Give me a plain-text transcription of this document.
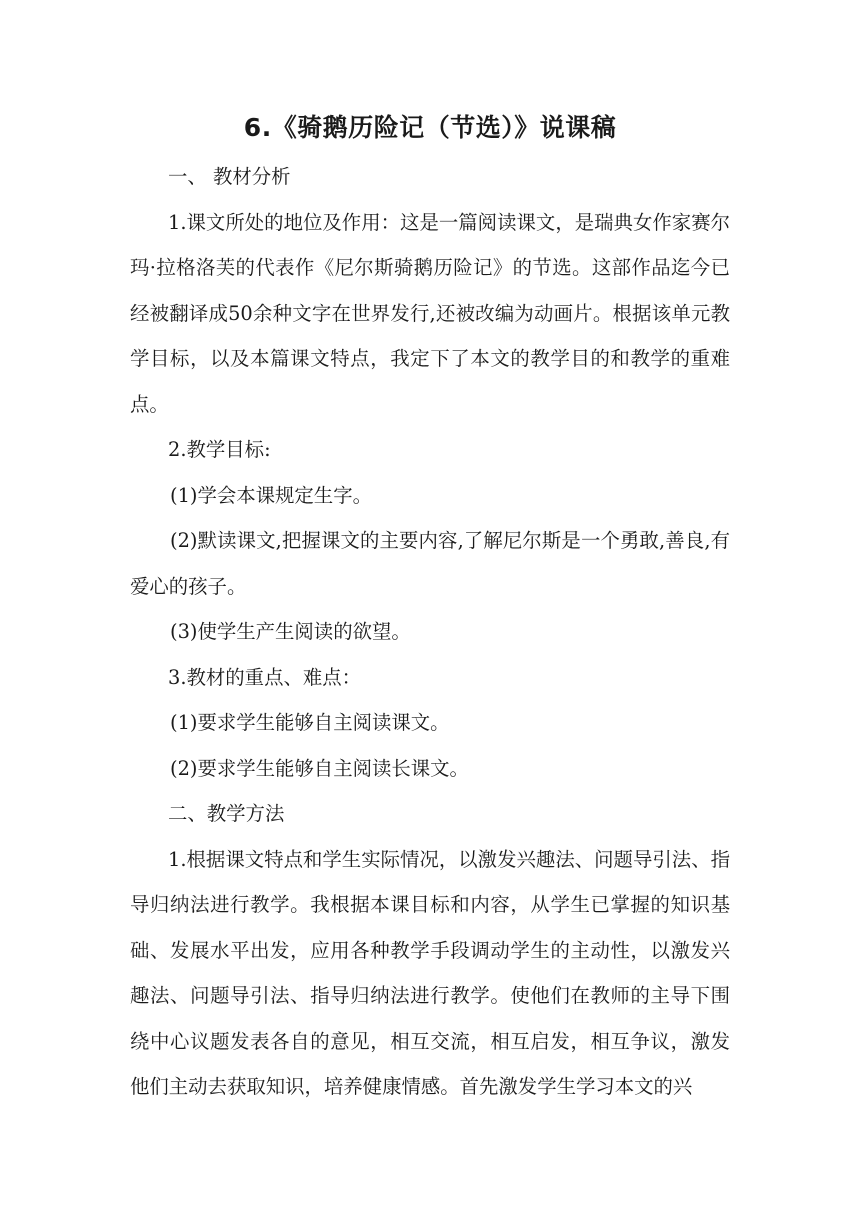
6.《骑鹅历险记（节选）》说课稿

一、 教材分析

1.课文所处的地位及作用：这是一篇阅读课文，是瑞典女作家赛尔玛·拉格洛芙的代表作《尼尔斯骑鹅历险记》的节选。这部作品迄今已经被翻译成50余种文字在世界发行,还被改编为动画片。根据该单元教学目标，以及本篇课文特点，我定下了本文的教学目的和教学的重难点。

2.教学目标:

(1)学会本课规定生字。

(2)默读课文,把握课文的主要内容,了解尼尔斯是一个勇敢,善良,有爱心的孩子。

(3)使学生产生阅读的欲望。

3.教材的重点、难点：

(1)要求学生能够自主阅读课文。

(2)要求学生能够自主阅读长课文。

二、教学方法

1.根据课文特点和学生实际情况，以激发兴趣法、问题导引法、指导归纳法进行教学。我根据本课目标和内容，从学生已掌握的知识基础、发展水平出发，应用各种教学手段调动学生的主动性，以激发兴趣法、问题导引法、指导归纳法进行教学。使他们在教师的主导下围绕中心议题发表各自的意见，相互交流，相互启发，相互争议，激发他们主动去获取知识，培养健康情感。首先激发学生学习本文的兴
